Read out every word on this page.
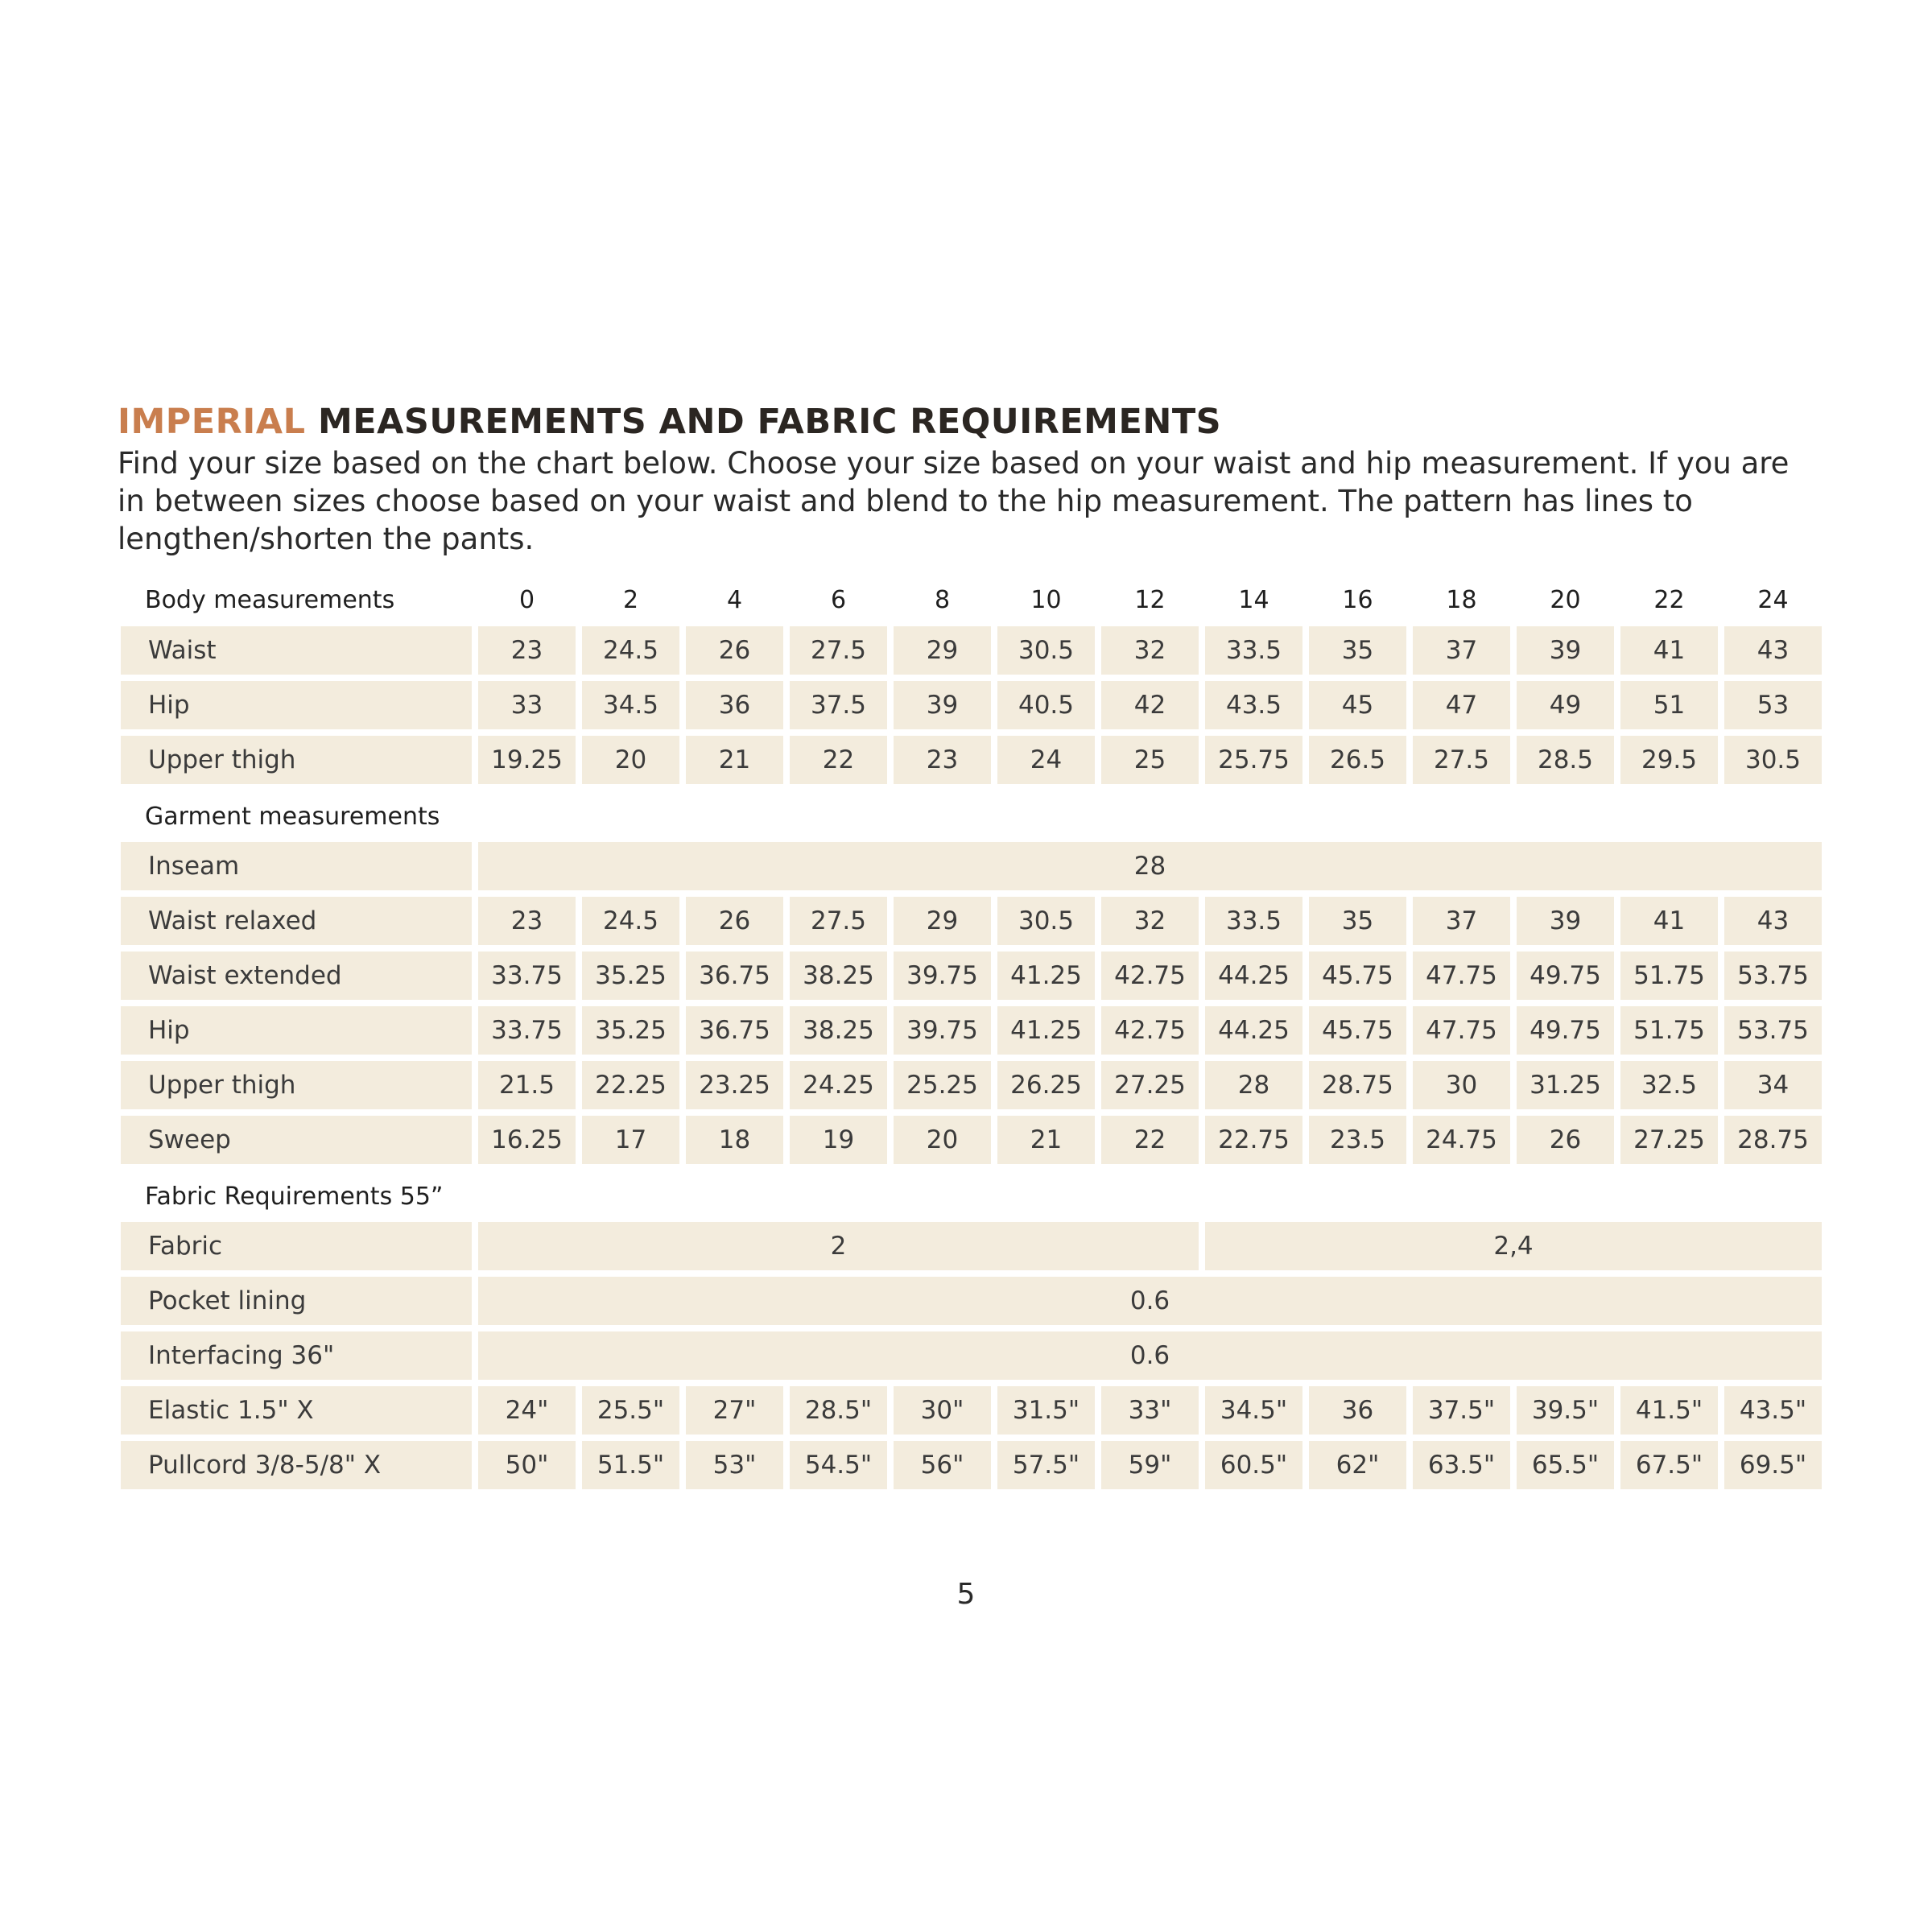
IMPERIAL MEASUREMENTS AND FABRIC REQUIREMENTS

Find your size based on the chart below. Choose your size based on your waist and hip measurement. If you are in between sizes choose based on your waist and blend to the hip measurement. The pattern has lines to lengthen/shorten the pants.

Body measurements	0	2	4	6	8	10	12	14	16	18	20	22	24
Waist	23	24.5	26	27.5	29	30.5	32	33.5	35	37	39	41	43
Hip	33	34.5	36	37.5	39	40.5	42	43.5	45	47	49	51	53
Upper thigh	19.25	20	21	22	23	24	25	25.75	26.5	27.5	28.5	29.5	30.5
Garment measurements
Inseam	28
Waist relaxed	23	24.5	26	27.5	29	30.5	32	33.5	35	37	39	41	43
Waist extended	33.75	35.25	36.75	38.25	39.75	41.25	42.75	44.25	45.75	47.75	49.75	51.75	53.75
Hip	33.75	35.25	36.75	38.25	39.75	41.25	42.75	44.25	45.75	47.75	49.75	51.75	53.75
Upper thigh	21.5	22.25	23.25	24.25	25.25	26.25	27.25	28	28.75	30	31.25	32.5	34
Sweep	16.25	17	18	19	20	21	22	22.75	23.5	24.75	26	27.25	28.75
Fabric Requirements 55”
Fabric	2	2,4
Pocket lining	0.6
Interfacing 36"	0.6
Elastic 1.5" X	24"	25.5"	27"	28.5"	30"	31.5"	33"	34.5"	36	37.5"	39.5"	41.5"	43.5"
Pullcord 3/8-5/8" X	50"	51.5"	53"	54.5"	56"	57.5"	59"	60.5"	62"	63.5"	65.5"	67.5"	69.5"
5
